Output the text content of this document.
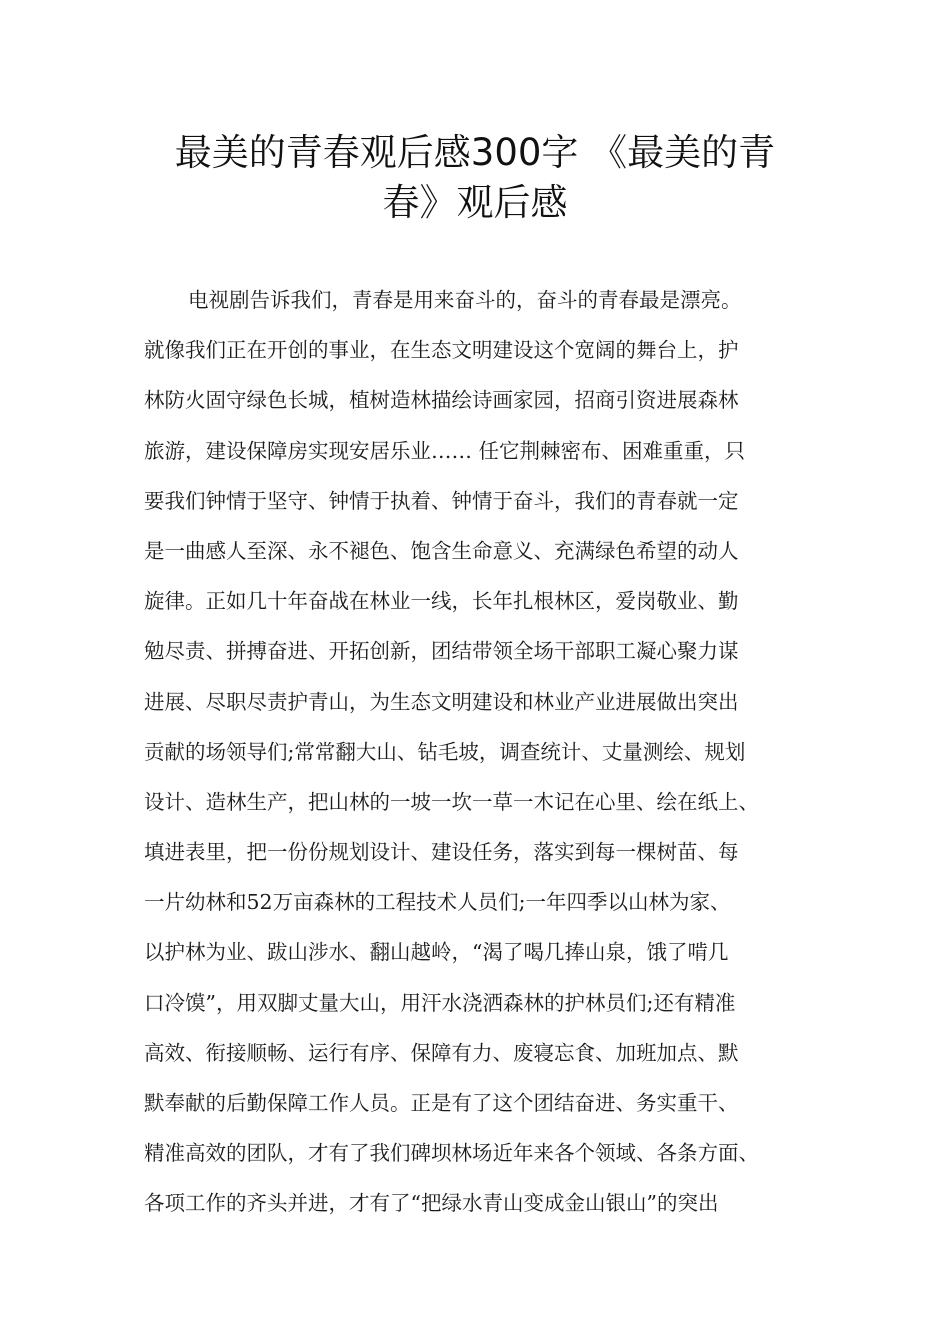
最美的青春观后感300字 《最美的青
春》观后感
电视剧告诉我们，青春是用来奋斗的，奋斗的青春最是漂亮。
就像我们正在开创的事业，在生态文明建设这个宽阔的舞台上，护
林防火固守绿色长城，植树造林描绘诗画家园，招商引资进展森林
旅游，建设保障房实现安居乐业…… 任它荆棘密布、困难重重，只
要我们钟情于坚守、钟情于执着、钟情于奋斗，我们的青春就一定
是一曲感人至深、永不褪色、饱含生命意义、充满绿色希望的动人
旋律。正如几十年奋战在林业一线，长年扎根林区，爱岗敬业、勤
勉尽责、拼搏奋进、开拓创新，团结带领全场干部职工凝心聚力谋
进展、尽职尽责护青山，为生态文明建设和林业产业进展做出突出
贡献的场领导们;常常翻大山、钻毛坡，调查统计、丈量测绘、规划
设计、造林生产，把山林的一坡一坎一草一木记在心里、绘在纸上、
填进表里，把一份份规划设计、建设任务，落实到每一棵树苗、每
一片幼林和52万亩森林的工程技术人员们;一年四季以山林为家、
以护林为业、跋山涉水、翻山越岭，“渴了喝几捧山泉，饿了啃几
口冷馍”，用双脚丈量大山，用汗水浇洒森林的护林员们;还有精准
高效、衔接顺畅、运行有序、保障有力、废寝忘食、加班加点、默
默奉献的后勤保障工作人员。正是有了这个团结奋进、务实重干、
精准高效的团队，才有了我们碑坝林场近年来各个领域、各条方面、
各项工作的齐头并进，才有了“把绿水青山变成金山银山”的突出
